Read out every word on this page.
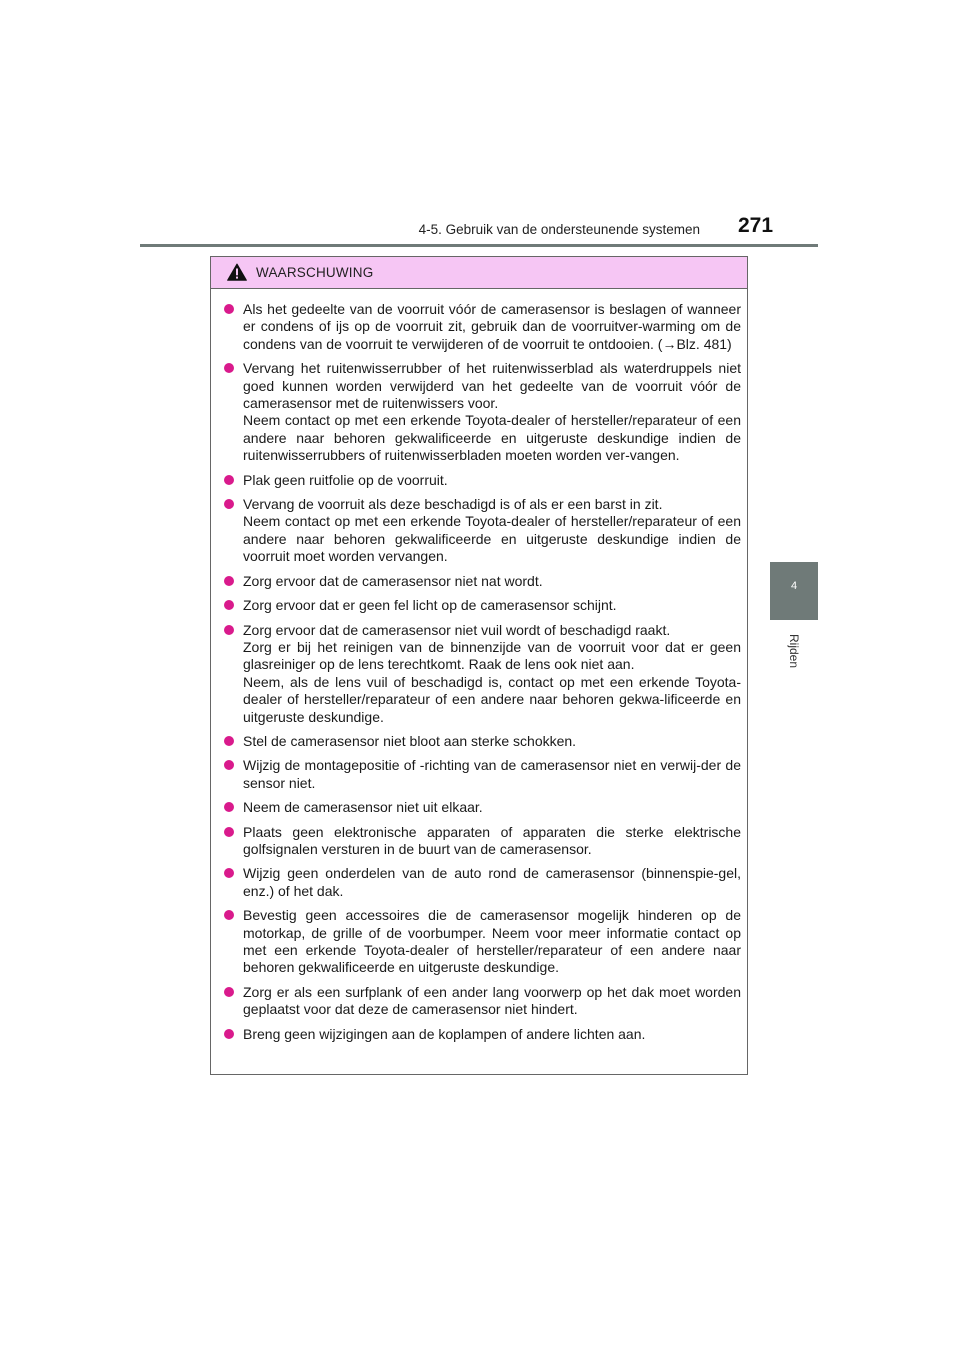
4-5. Gebruik van de ondersteunende systemen 271
4
Rijden
WAARSCHUWING
Als het gedeelte van de voorruit vóór de camerasensor is beslagen of wanneer er condens of ijs op de voorruit zit, gebruik dan de voorruitver-warming om de condens van de voorruit te verwijderen of de voorruit te ontdooien. (→Blz. 481)
Vervang het ruitenwisserrubber of het ruitenwisserblad als waterdruppels niet goed kunnen worden verwijderd van het gedeelte van de voorruit vóór de camerasensor met de ruitenwissers voor.
Neem contact op met een erkende Toyota-dealer of hersteller/reparateur of een andere naar behoren gekwalificeerde en uitgeruste deskundige indien de ruitenwisserrubbers of ruitenwisserbladen moeten worden ver-vangen.
Plak geen ruitfolie op de voorruit.
Vervang de voorruit als deze beschadigd is of als er een barst in zit.
Neem contact op met een erkende Toyota-dealer of hersteller/reparateur of een andere naar behoren gekwalificeerde en uitgeruste deskundige indien de voorruit moet worden vervangen.
Zorg ervoor dat de camerasensor niet nat wordt.
Zorg ervoor dat er geen fel licht op de camerasensor schijnt.
Zorg ervoor dat de camerasensor niet vuil wordt of beschadigd raakt.
Zorg er bij het reinigen van de binnenzijde van de voorruit voor dat er geen glasreiniger op de lens terechtkomt. Raak de lens ook niet aan.
Neem, als de lens vuil of beschadigd is, contact op met een erkende Toyota-dealer of hersteller/reparateur of een andere naar behoren gekwa-lificeerde en uitgeruste deskundige.
Stel de camerasensor niet bloot aan sterke schokken.
Wijzig de montagepositie of -richting van de camerasensor niet en verwij-der de sensor niet.
Neem de camerasensor niet uit elkaar.
Plaats geen elektronische apparaten of apparaten die sterke elektrische golfsignalen versturen in de buurt van de camerasensor.
Wijzig geen onderdelen van de auto rond de camerasensor (binnenspie-gel, enz.) of het dak.
Bevestig geen accessoires die de camerasensor mogelijk hinderen op de motorkap, de grille of de voorbumper. Neem voor meer informatie contact op met een erkende Toyota-dealer of hersteller/reparateur of een andere naar behoren gekwalificeerde en uitgeruste deskundige.
Zorg er als een surfplank of een ander lang voorwerp op het dak moet worden geplaatst voor dat deze de camerasensor niet hindert.
Breng geen wijzigingen aan de koplampen of andere lichten aan.
